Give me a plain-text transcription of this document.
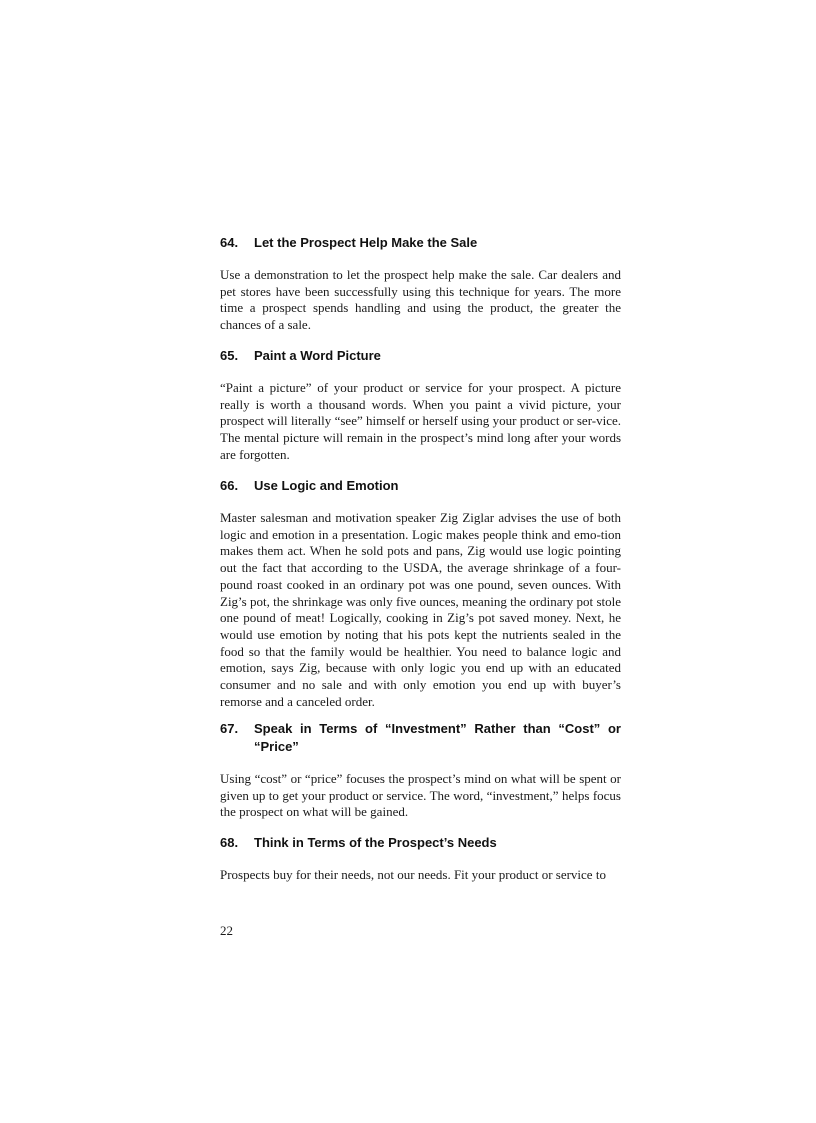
64.	Let the Prospect Help Make the Sale

Use a demonstration to let the prospect help make the sale. Car dealers and pet stores have been successfully using this technique for years. The more time a prospect spends handling and using the product, the greater the chances of a sale.

65.	Paint a Word Picture

“Paint a picture” of your product or service for your prospect. A picture really is worth a thousand words. When you paint a vivid picture, your prospect will literally “see” himself or herself using your product or ser-vice. The mental picture will remain in the prospect’s mind long after your words are forgotten.

66.	Use Logic and Emotion

Master salesman and motivation speaker Zig Ziglar advises the use of both logic and emotion in a presentation. Logic makes people think and emo-tion makes them act. When he sold pots and pans, Zig would use logic pointing out the fact that according to the USDA, the average shrinkage of a four-pound roast cooked in an ordinary pot was one pound, seven ounces. With Zig’s pot, the shrinkage was only five ounces, meaning the ordinary pot stole one pound of meat! Logically, cooking in Zig’s pot saved money. Next, he would use emotion by noting that his pots kept the nutrients sealed in the food so that the family would be healthier. You need to balance logic and emotion, says Zig, because with only logic you end up with an educated consumer and no sale and with only emotion you end up with buyer’s remorse and a canceled order.

67.	Speak in Terms of “Investment” Rather than “Cost” or “Price”

Using “cost” or “price” focuses the prospect’s mind on what will be spent or given up to get your product or service. The word, “investment,” helps focus the prospect on what will be gained.

68.	Think in Terms of the Prospect’s Needs

Prospects buy for their needs, not our needs. Fit your product or service to

22
